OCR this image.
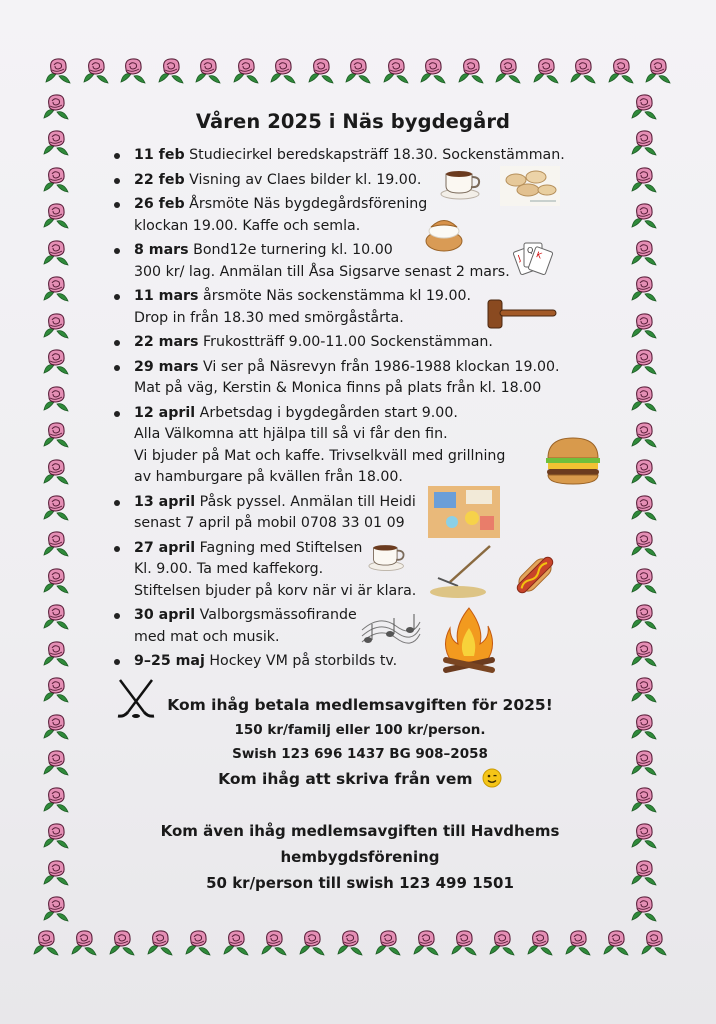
Våren 2025 i Näs bygdegård
11 feb Studiecirkel beredskapsträff 18.30. Sockenstämman.
22 feb Visning av Claes bilder kl. 19.00.
26 feb Årsmöte Näs bygdegårdsförening
klockan 19.00. Kaffe och semla.
8 mars Bond12e turnering kl. 10.00
300 kr/ lag. Anmälan till Åsa Sigsarve senast 2 mars.
11 mars årsmöte Näs sockenstämma kl 19.00.
Drop in från 18.30 med smörgåstårta.
22 mars Frukostträff 9.00-11.00 Sockenstämman.
29 mars Vi ser på Näsrevyn från 1986-1988 klockan 19.00.
Mat på väg, Kerstin & Monica finns på plats från kl. 18.00
12 april Arbetsdag i bygdegården start 9.00.
Alla Välkomna att hjälpa till så vi får den fin.
Vi bjuder på Mat och kaffe. Trivselkväll med grillning
av hamburgare på kvällen från 18.00.
13 april Påsk pyssel. Anmälan till Heidi
senast 7 april på mobil 0708 33 01 09
27 april Fagning med Stiftelsen
Kl. 9.00. Ta med kaffekorg.
Stiftelsen bjuder på korv när vi är klara.
30 april Valborgsmässofirande
med mat och musik.
9–25 maj Hockey VM på storbilds tv.
J
Q K
Kom ihåg betala medlemsavgiften för 2025!
150 kr/familj eller 100 kr/person.
Swish 123 696 1437 BG 908–2058
Kom ihåg att skriva från vem
Kom även ihåg medlemsavgiften till Havdhems
hembygdsförening
50 kr/person till swish 123 499 1501
